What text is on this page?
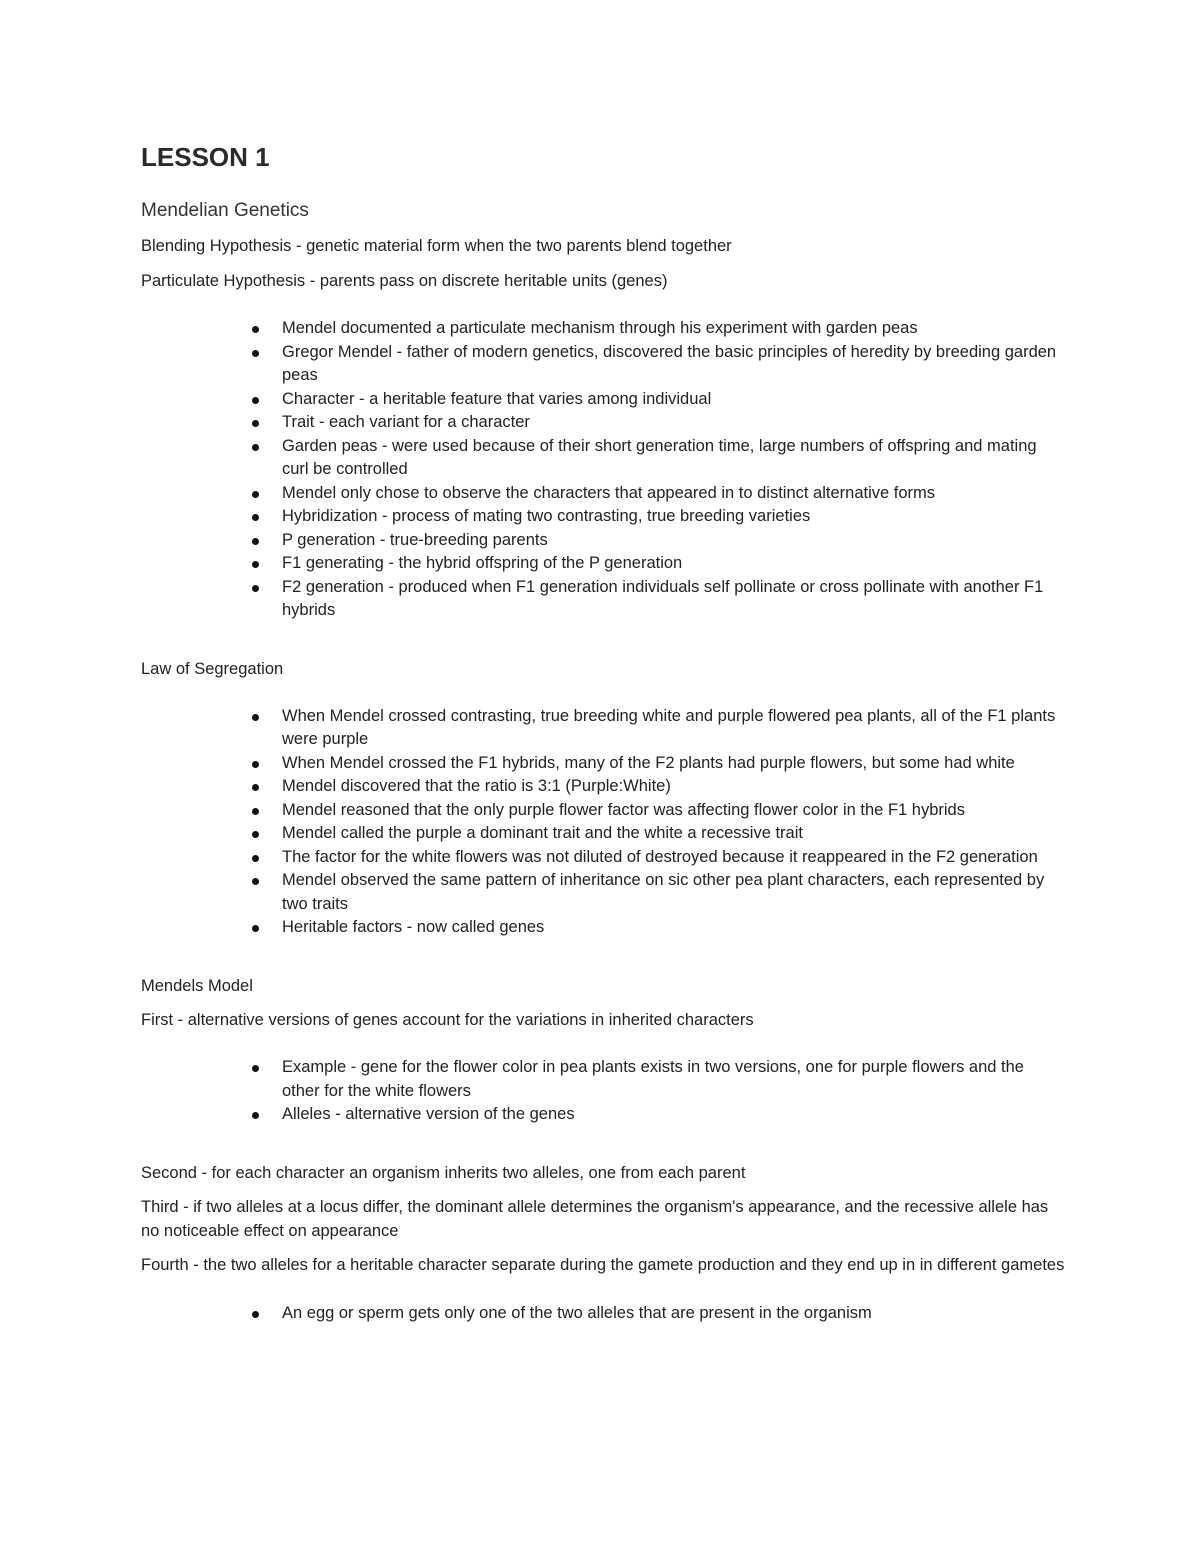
LESSON 1
Mendelian Genetics

Blending Hypothesis - genetic material form when the two parents blend together

Particulate Hypothesis - parents pass on discrete heritable units (genes)

Mendel documented a particulate mechanism through his experiment with garden peas
Gregor Mendel - father of modern genetics, discovered the basic principles of heredity by breeding garden peas
Character - a heritable feature that varies among individual
Trait - each variant for a character
Garden peas - were used because of their short generation time, large numbers of offspring and mating curl be controlled
Mendel only chose to observe the characters that appeared in to distinct alternative forms
Hybridization - process of mating two contrasting, true breeding varieties
P generation - true-breeding parents
F1 generating - the hybrid offspring of the P generation
F2 generation - produced when F1 generation individuals self pollinate or cross pollinate with another F1 hybrids
Law of Segregation
When Mendel crossed contrasting, true breeding white and purple flowered pea plants, all of the F1 plants were purple
When Mendel crossed the F1 hybrids, many of the F2 plants had purple flowers, but some had white
Mendel discovered that the ratio is 3:1 (Purple:White)
Mendel reasoned that the only purple flower factor was affecting flower color in the F1 hybrids
Mendel called the purple a dominant trait and the white a recessive trait
The factor for the white flowers was not diluted of destroyed because it reappeared in the F2 generation
Mendel observed the same pattern of inheritance on sic other pea plant characters, each represented by two traits
Heritable factors - now called genes
Mendels Model

First - alternative versions of genes account for the variations in inherited characters

Example - gene for the flower color in pea plants exists in two versions, one for purple flowers and the other for the white flowers
Alleles - alternative version of the genes

Second - for each character an organism inherits two alleles, one from each parent

Third - if two alleles at a locus differ, the dominant allele determines the organism's appearance, and the recessive allele has no noticeable effect on appearance

Fourth - the two alleles for a heritable character separate during the gamete production and they end up in in different gametes

An egg or sperm gets only one of the two alleles that are present in the organism
